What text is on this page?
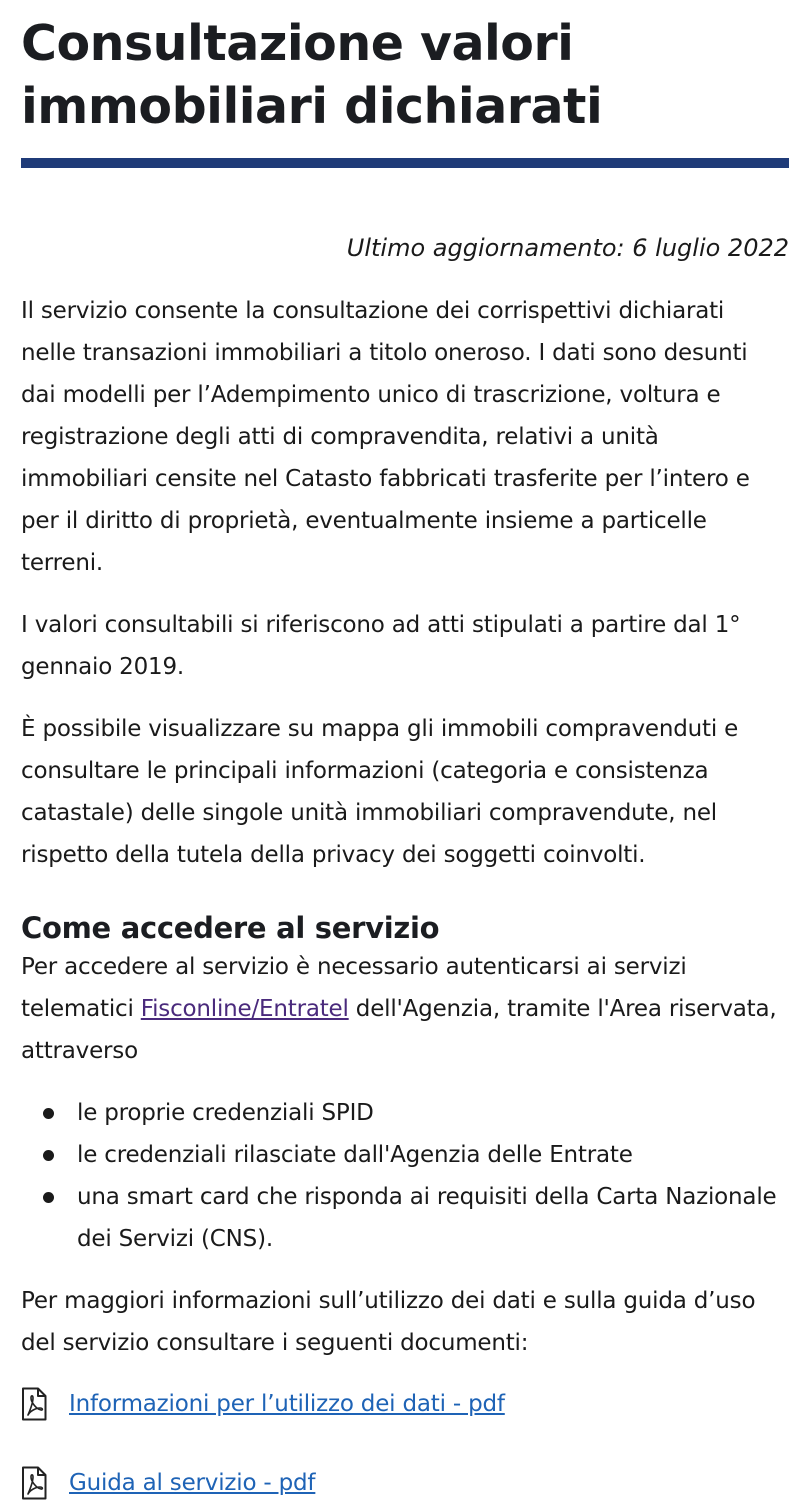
Consultazione valori immobiliari dichiarati
Ultimo aggiornamento: 6 luglio 2022

Il servizio consente la consultazione dei corrispettivi dichiarati nelle transazioni immobiliari a titolo oneroso. I dati sono desunti dai modelli per l’Adempimento unico di trascrizione, voltura e registrazione degli atti di compravendita, relativi a unità immobiliari censite nel Catasto fabbricati trasferite per l’intero e per il diritto di proprietà, eventualmente insieme a particelle terreni.

I valori consultabili si riferiscono ad atti stipulati a partire dal 1° gennaio 2019.

È possibile visualizzare su mappa gli immobili compravenduti e consultare le principali informazioni (categoria e consistenza catastale) delle singole unità immobiliari compravendute, nel rispetto della tutela della privacy dei soggetti coinvolti.

Come accedere al servizio

Per accedere al servizio è necessario autenticarsi ai servizi telematici Fisconline/Entratel dell'Agenzia, tramite l'Area riservata, attraverso

le proprie credenziali SPID
le credenziali rilasciate dall'Agenzia delle Entrate
una smart card che risponda ai requisiti della Carta Nazionale dei Servizi (CNS).

Per maggiori informazioni sull’utilizzo dei dati e sulla guida d’uso del servizio consultare i seguenti documenti:

Informazioni per l’utilizzo dei dati - pdf
Guida al servizio - pdf
